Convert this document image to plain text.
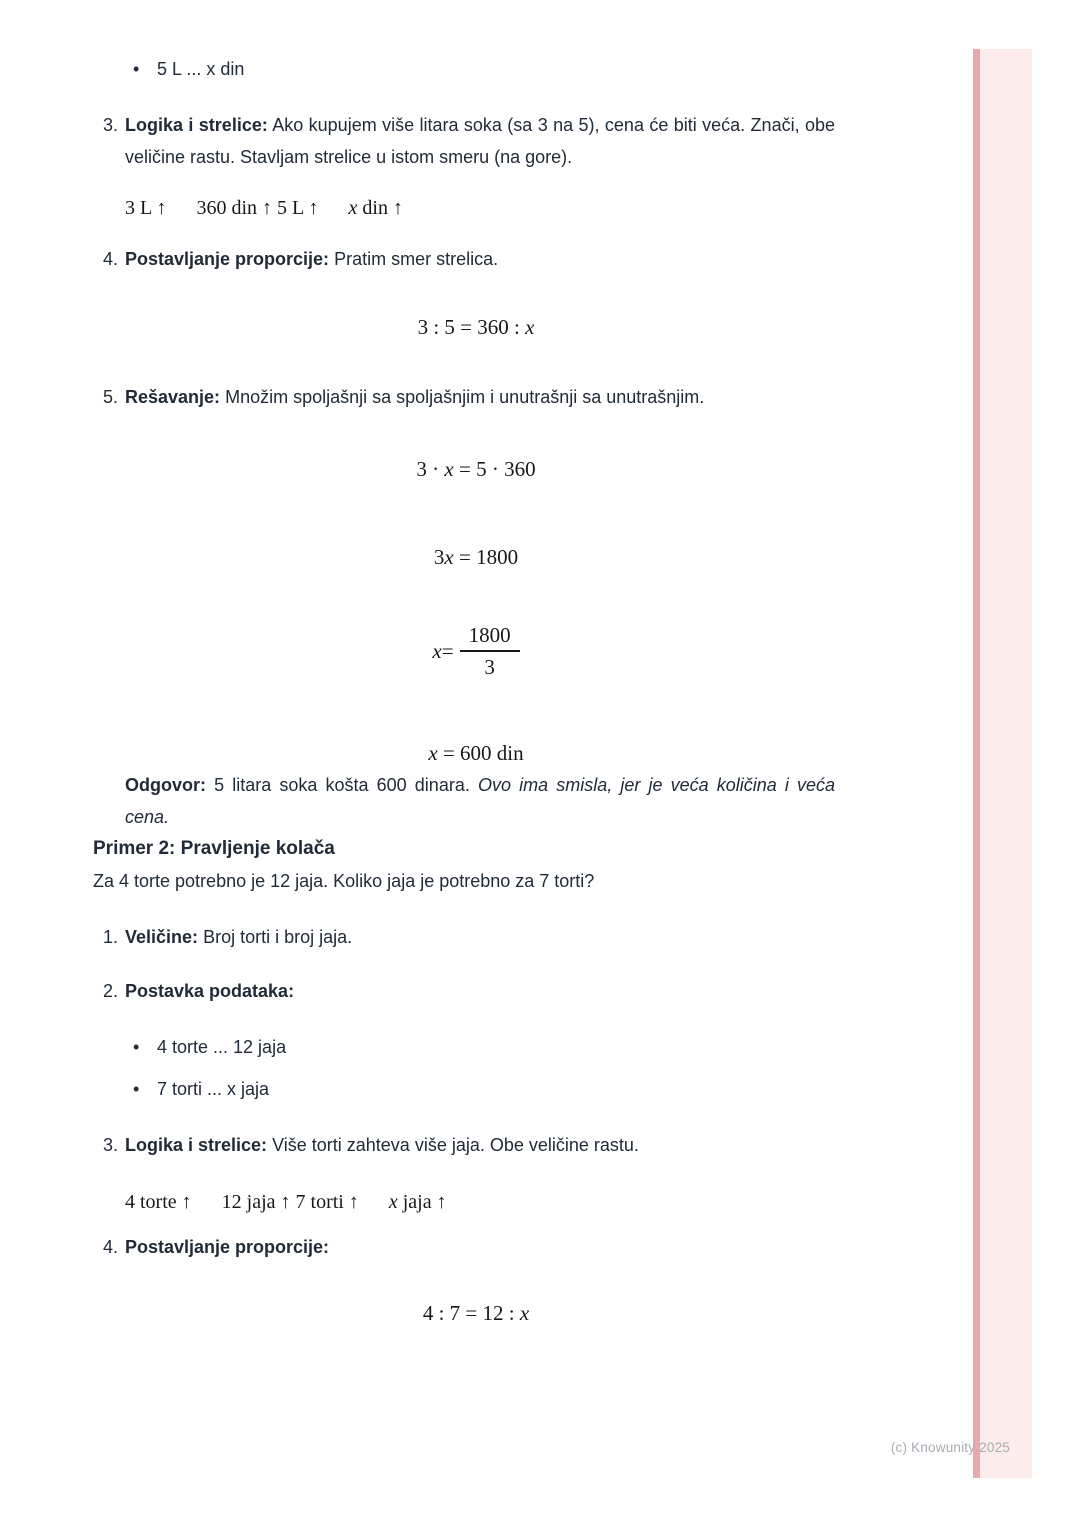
• 5 L ... x din
3. Logika i strelice: Ako kupujem više litara soka (sa 3 na 5), cena će biti veća. Znači, obe veličine rastu. Stavljam strelice u istom smeru (na gore).

3 L ↑ 360 din ↑ 5 L ↑ x din ↑
4. Postavljanje proporcije: Pratim smer strelica.

3 : 5 = 360 : x
5. Rešavanje: Množim spoljašnji sa spoljašnjim i unutrašnji sa unutrašnjim.

3 · x = 5 · 360
3x = 1800
$x = \frac{1800}{3}$
x = 600 din

Odgovor: 5 litara soka košta 600 dinara. Ovo ima smisla, jer je veća količina i veća cena.

Primer 2: Pravljenje kolača

Za 4 torte potrebno je 12 jaja. Koliko jaja je potrebno za 7 torti?

1. Veličine: Broj torti i broj jaja.

2. Postavka podataka:

• 4 torte ... 12 jaja
• 7 torti ... x jaja
3. Logika i strelice: Više torti zahteva više jaja. Obe veličine rastu.

4 torte ↑ 12 jaja ↑ 7 torti ↑ x jaja ↑
4. Postavljanje proporcije:

4 : 7 = 12 : x
(c) Knowunity 2025
